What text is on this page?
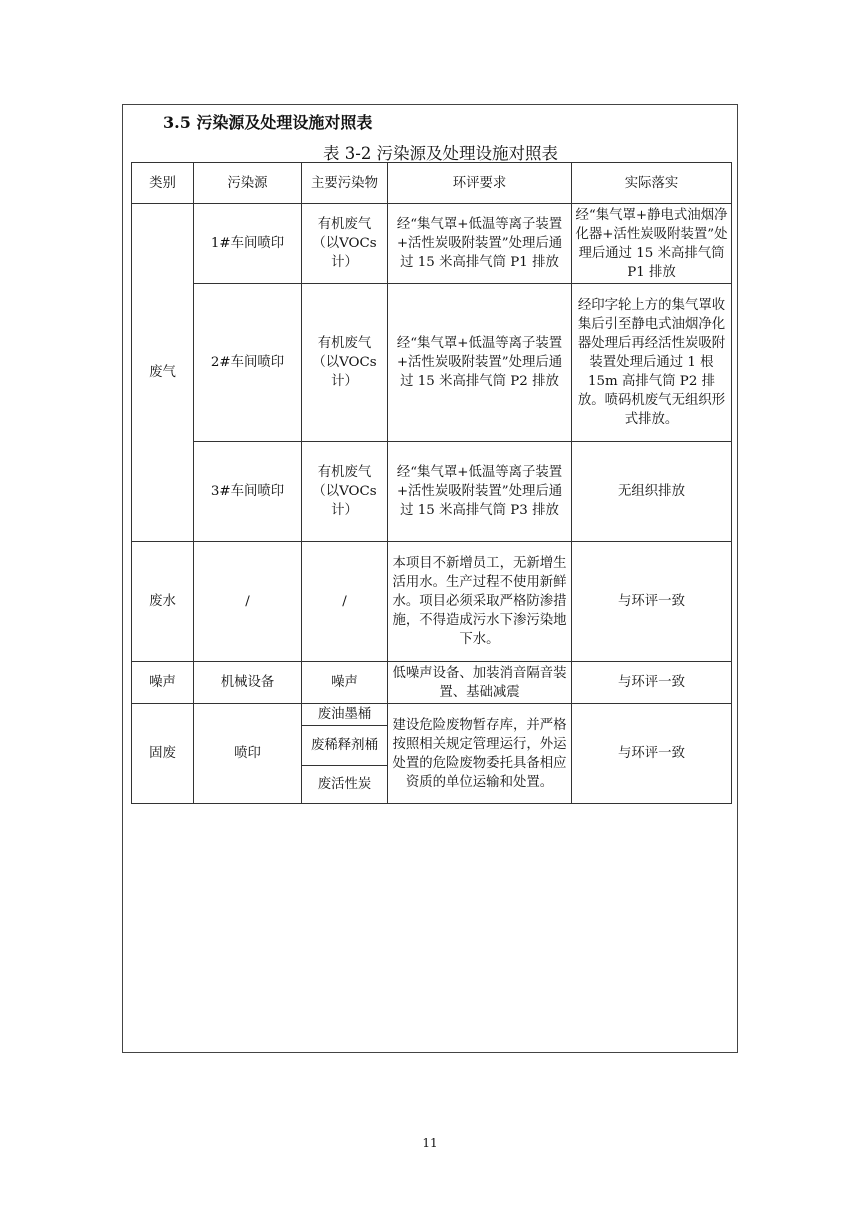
3.5 污染源及处理设施对照表
表 3-2 污染源及处理设施对照表
类别	污染源	主要污染物	环评要求	实际落实
废气	1#车间喷印	有机废气（以VOCs计）	经“集气罩+低温等离子装置+活性炭吸附装置”处理后通过 15 米高排气筒 P1 排放	经“集气罩+静电式油烟净化器+活性炭吸附装置”处理后通过 15 米高排气筒 P1 排放
	2#车间喷印	有机废气（以VOCs计）	经“集气罩+低温等离子装置+活性炭吸附装置”处理后通过 15 米高排气筒 P2 排放	经印字轮上方的集气罩收集后引至静电式油烟净化器处理后再经活性炭吸附装置处理后通过 1 根 15m 高排气筒 P2 排放。喷码机废气无组织形式排放。
	3#车间喷印	有机废气（以VOCs计）	经“集气罩+低温等离子装置+活性炭吸附装置”处理后通过 15 米高排气筒 P3 排放	无组织排放
废水	/	/	本项目不新增员工，无新增生活用水。生产过程不使用新鲜水。项目必须采取严格防渗措施，不得造成污水下渗污染地下水。	与环评一致
噪声	机械设备	噪声	低噪声设备、加装消音隔音装置、基础减震	与环评一致
固废	喷印	废油墨桶	建设危险废物暂存库，并严格按照相关规定管理运行，外运处置的危险废物委托具备相应资质的单位运输和处置。	与环评一致
		废稀释剂桶		
		废活性炭		
11
